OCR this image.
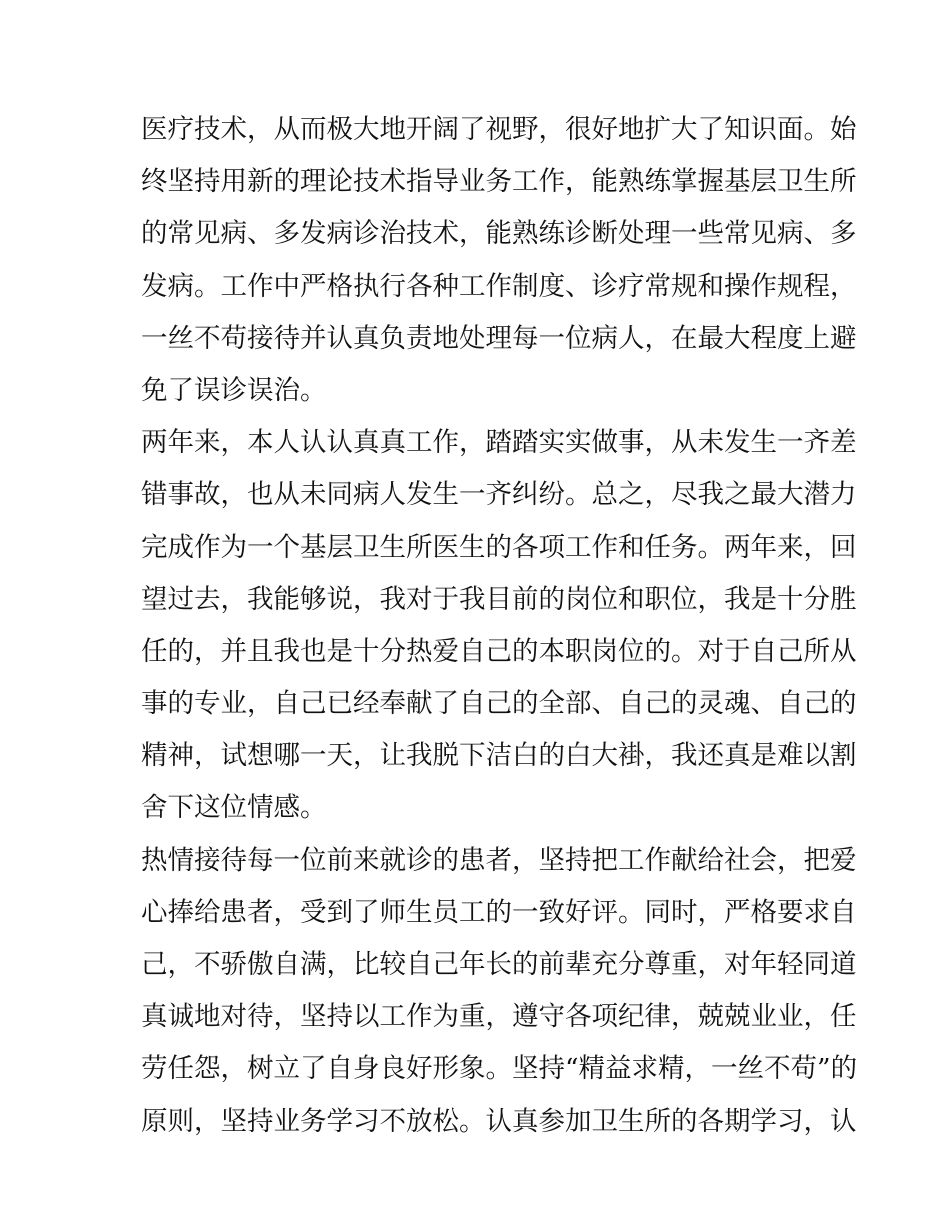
医疗技术，从而极大地开阔了视野，很好地扩大了知识面。始
终坚持用新的理论技术指导业务工作，能熟练掌握基层卫生所
的常见病、多发病诊治技术，能熟练诊断处理一些常见病、多
发病。工作中严格执行各种工作制度、诊疗常规和操作规程，
一丝不苟接待并认真负责地处理每一位病人，在最大程度上避
免了误诊误治。
两年来，本人认认真真工作，踏踏实实做事，从未发生一齐差
错事故，也从未同病人发生一齐纠纷。总之，尽我之最大潜力
完成作为一个基层卫生所医生的各项工作和任务。两年来，回
望过去，我能够说，我对于我目前的岗位和职位，我是十分胜
任的，并且我也是十分热爱自己的本职岗位的。对于自己所从
事的专业，自己已经奉献了自己的全部、自己的灵魂、自己的
精神，试想哪一天，让我脱下洁白的白大褂，我还真是难以割
舍下这位情感。
热情接待每一位前来就诊的患者，坚持把工作献给社会，把爱
心捧给患者，受到了师生员工的一致好评。同时，严格要求自
己，不骄傲自满，比较自己年长的前辈充分尊重，对年轻同道
真诚地对待，坚持以工作为重，遵守各项纪律，兢兢业业，任
劳任怨，树立了自身良好形象。坚持“精益求精，一丝不苟”的
原则，坚持业务学习不放松。认真参加卫生所的各期学习，认
